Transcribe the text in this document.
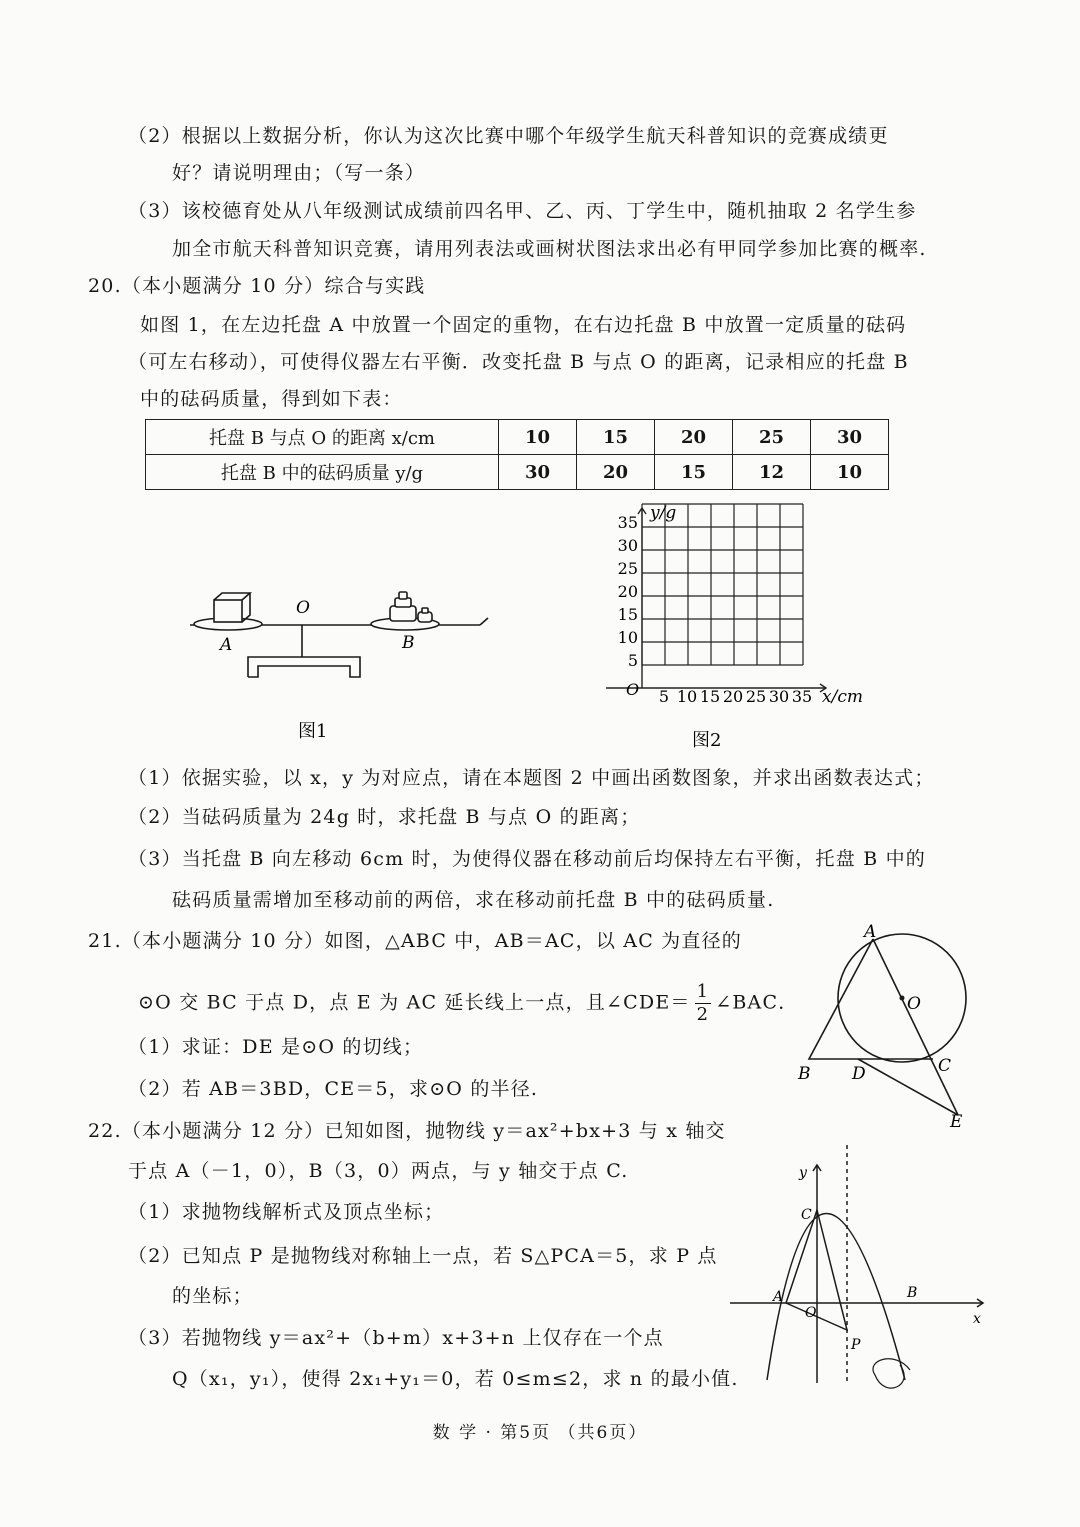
（2）根据以上数据分析，你认为这次比赛中哪个年级学生航天科普知识的竞赛成绩更
好？请说明理由；（写一条）
（3）该校德育处从八年级测试成绩前四名甲、乙、丙、丁学生中，随机抽取 2 名学生参
加全市航天科普知识竞赛，请用列表法或画树状图法求出必有甲同学参加比赛的概率.
20.（本小题满分 10 分）综合与实践
如图 1，在左边托盘 A 中放置一个固定的重物，在右边托盘 B 中放置一定质量的砝码
（可左右移动），可使得仪器左右平衡．改变托盘 B 与点 O 的距离，记录相应的托盘 B
中的砝码质量，得到如下表：
托盘 B 与点 O 的距离 x/cm	10	15	20	25	30
托盘 B 中的砝码质量 y/g	30	20	15	12	10
A
O
B
图1
35
30
25
20
15
10
5
5 10 15 20 25 30 35
O
y/g
x/cm
图2
（1）依据实验，以 x，y 为对应点，请在本题图 2 中画出函数图象，并求出函数表达式；
（2）当砝码质量为 24g 时，求托盘 B 与点 O 的距离；
（3）当托盘 B 向左移动 6cm 时，为使得仪器在移动前后均保持左右平衡，托盘 B 中的
砝码质量需增加至移动前的两倍，求在移动前托盘 B 中的砝码质量.
21.（本小题满分 10 分）如图，△ABC 中，AB＝AC，以 AC 为直径的
⊙O 交 BC 于点 D，点 E 为 AC 延长线上一点，且∠CDE＝ $\frac{1}{2}$ ∠BAC．
（1）求证：DE 是⊙O 的切线；
（2）若 AB＝3BD，CE＝5，求⊙O 的半径.
A
O
B D	C
E
22.（本小题满分 12 分）已知如图，抛物线 y＝ax²+bx+3 与 x 轴交
于点 A（－1，0），B（3，0）两点，与 y 轴交于点 C.
（1）求抛物线解析式及顶点坐标；
（2）已知点 P 是抛物线对称轴上一点，若 S△PCA＝5，求 P 点
的坐标；
（3）若抛物线 y＝ax²+（b+m）x+3+n 上仅存在一个点
Q（x₁，y₁），使得 2x₁+y₁＝0，若 0≤m≤2，求 n 的最小值.
y
x
C
A
O
B
P
数 学 · 第5页 （共6页）
